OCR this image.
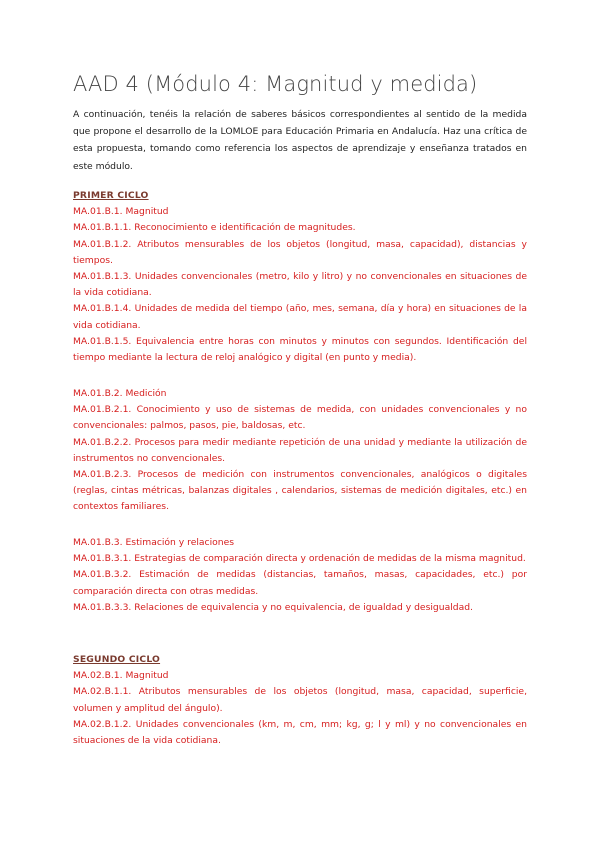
AAD 4 (Módulo 4: Magnitud y medida)
A continuación, tenéis la relación de saberes básicos correspondientes al sentido de la medida que propone el desarrollo de la LOMLOE para Educación Primaria en Andalucía. Haz una crítica de esta propuesta, tomando como referencia los aspectos de aprendizaje y enseñanza tratados en este módulo.
PRIMER CICLO
MA.01.B.1. Magnitud
MA.01.B.1.1. Reconocimiento e identificación de magnitudes.
MA.01.B.1.2. Atributos mensurables de los objetos (longitud, masa, capacidad), distancias y tiempos.
MA.01.B.1.3. Unidades convencionales (metro, kilo y litro) y no convencionales en situaciones de la vida cotidiana.
MA.01.B.1.4. Unidades de medida del tiempo (año, mes, semana, día y hora) en situaciones de la vida cotidiana.
MA.01.B.1.5. Equivalencia entre horas con minutos y minutos con segundos. Identificación del tiempo mediante la lectura de reloj analógico y digital (en punto y media).
MA.01.B.2. Medición
MA.01.B.2.1. Conocimiento y uso de sistemas de medida, con unidades convencionales y no convencionales: palmos, pasos, pie, baldosas, etc.
MA.01.B.2.2. Procesos para medir mediante repetición de una unidad y mediante la utilización de instrumentos no convencionales.
MA.01.B.2.3. Procesos de medición con instrumentos convencionales, analógicos o digitales (reglas, cintas métricas, balanzas digitales , calendarios, sistemas de medición digitales, etc.) en contextos familiares.
MA.01.B.3. Estimación y relaciones
MA.01.B.3.1. Estrategias de comparación directa y ordenación de medidas de la misma magnitud.
MA.01.B.3.2. Estimación de medidas (distancias, tamaños, masas, capacidades, etc.) por comparación directa con otras medidas.
MA.01.B.3.3. Relaciones de equivalencia y no equivalencia, de igualdad y desigualdad.
SEGUNDO CICLO
MA.02.B.1. Magnitud
MA.02.B.1.1. Atributos mensurables de los objetos (longitud, masa, capacidad, superficie, volumen y amplitud del ángulo).
MA.02.B.1.2. Unidades convencionales (km, m, cm, mm; kg, g; l y ml) y no convencionales en situaciones de la vida cotidiana.
